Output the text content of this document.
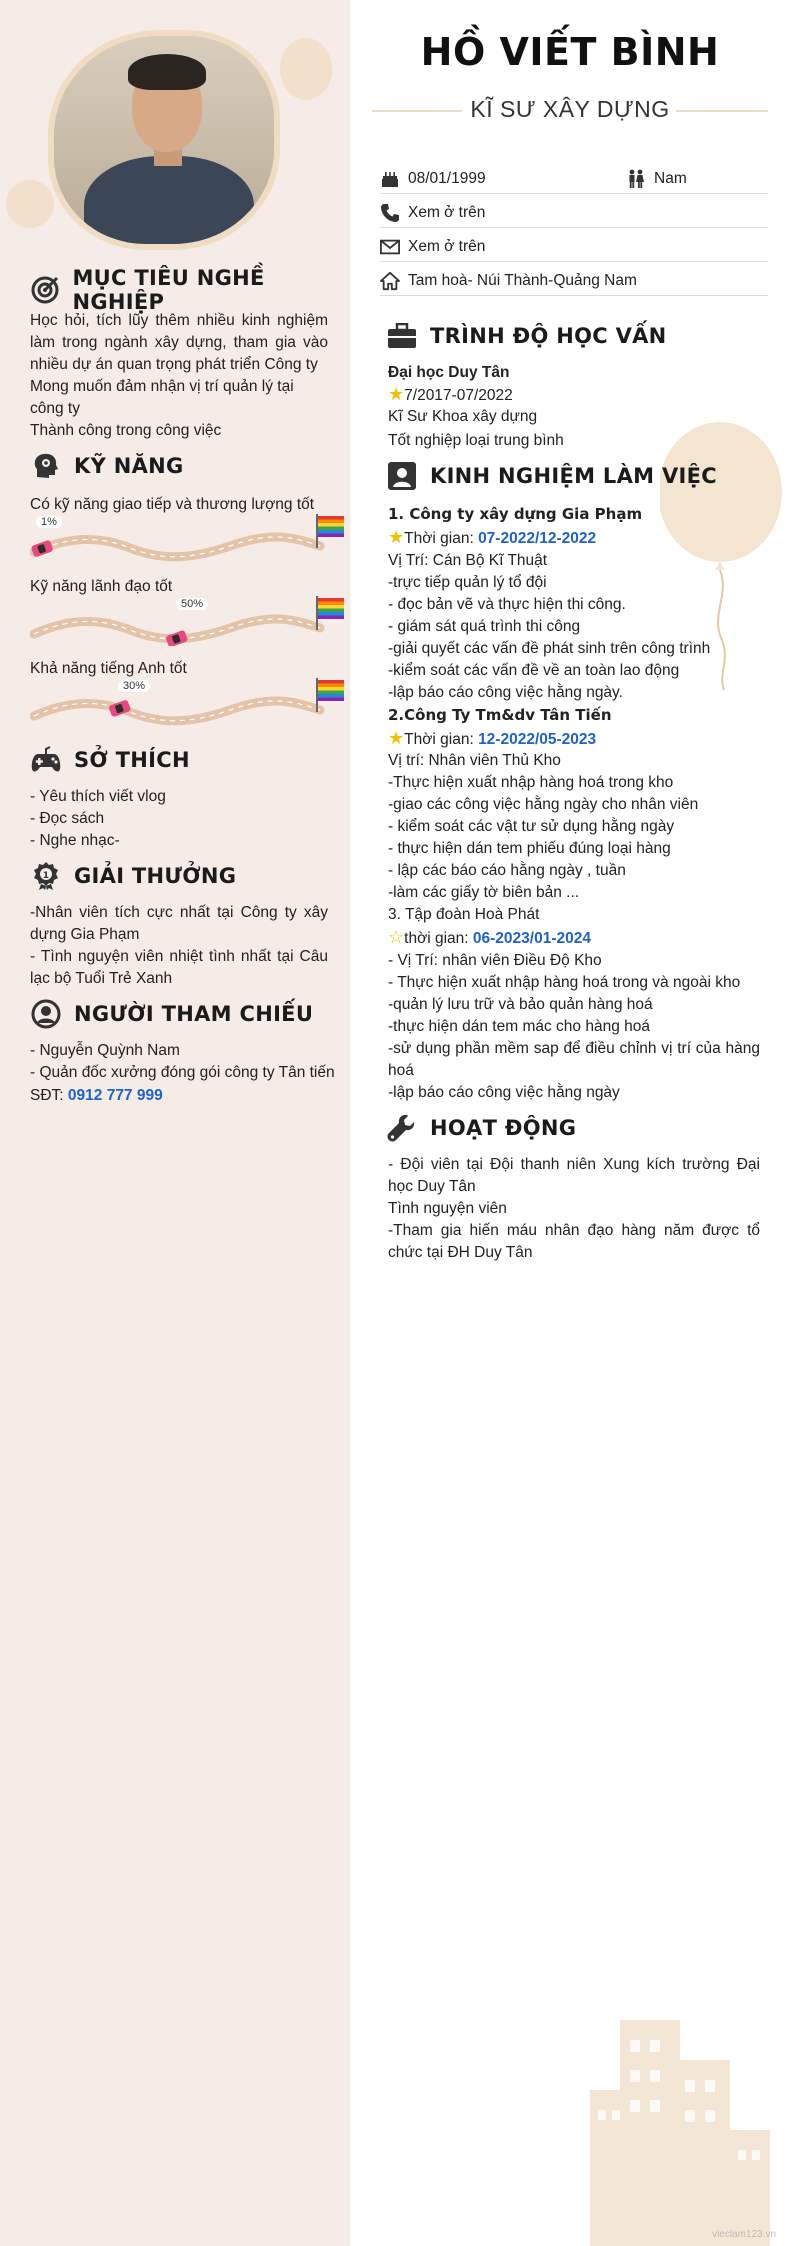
MỤC TIÊU NGHỀ NGHIỆP
Học hỏi, tích lũy thêm nhiều kinh nghiệm làm trong ngành xây dựng, tham gia vào nhiều dự án quan trọng phát triển Công ty
Mong muốn đảm nhận vị trí quản lý tại công ty
Thành công trong công việc
KỸ NĂNG
Có kỹ năng giao tiếp và thương lượng tốt
1%
Kỹ năng lãnh đạo tốt
50%
Khả năng tiếng Anh tốt
30%
SỞ THÍCH
- Yêu thích viết vlog
- Đọc sách
- Nghe nhạc-
1 GIẢI THƯỞNG
-Nhân viên tích cực nhất tại Công ty xây dựng Gia Phạm
- Tình nguyện viên nhiệt tình nhất tại Câu lạc bộ Tuổi Trẻ Xanh
NGƯỜI THAM CHIẾU
- Nguyễn Quỳnh Nam
- Quản đốc xưởng đóng gói công ty Tân tiến
SĐT: 0912 777 999
HỒ VIẾT BÌNH
KĨ SƯ XÂY DỰNG
08/01/1999	Nam
Xem ở trên
Xem ở trên
Tam hoà- Núi Thành-Quảng Nam
TRÌNH ĐỘ HỌC VẤN
Đại học Duy Tân
★7/2017-07/2022
Kĩ Sư Khoa xây dựng
Tốt nghiệp loại trung bình
KINH NGHIỆM LÀM VIỆC
1. Công ty xây dựng Gia Phạm
★Thời gian: 07-2022/12-2022
Vị Trí: Cán Bộ Kĩ Thuật
-trực tiếp quản lý tổ đội
- đọc bản vẽ và thực hiện thi công.
- giám sát quá trình thi công
-giải quyết các vấn đề phát sinh trên công trình
-kiểm soát các vấn đề về an toàn lao động
-lập báo cáo công việc hằng ngày.
2.Công Ty Tm&dv Tân Tiến
★Thời gian: 12-2022/05-2023
Vị trí: Nhân viên Thủ Kho
-Thực hiện xuất nhập hàng hoá trong kho
-giao các công việc hằng ngày cho nhân viên
- kiểm soát các vật tư sử dụng hằng ngày
- thực hiện dán tem phiếu đúng loại hàng
- lập các báo cáo hằng ngày , tuần
-làm các giấy tờ biên bản ...
3. Tập đoàn Hoà Phát
☆thời gian: 06-2023/01-2024
- Vị Trí: nhân viên Điều Độ Kho
- Thực hiện xuất nhập hàng hoá trong và ngoài kho
-quản lý lưu trữ và bảo quản hàng hoá
-thực hiện dán tem mác cho hàng hoá
-sử dụng phần mềm sap để điều chỉnh vị trí của hàng hoá
-lập báo cáo công việc hằng ngày
HOẠT ĐỘNG
- Đội viên tại Đội thanh niên Xung kích trường Đại học Duy Tân
Tình nguyện viên
-Tham gia hiến máu nhân đạo hàng năm được tổ chức tại ĐH Duy Tân
vieclam123.vn
